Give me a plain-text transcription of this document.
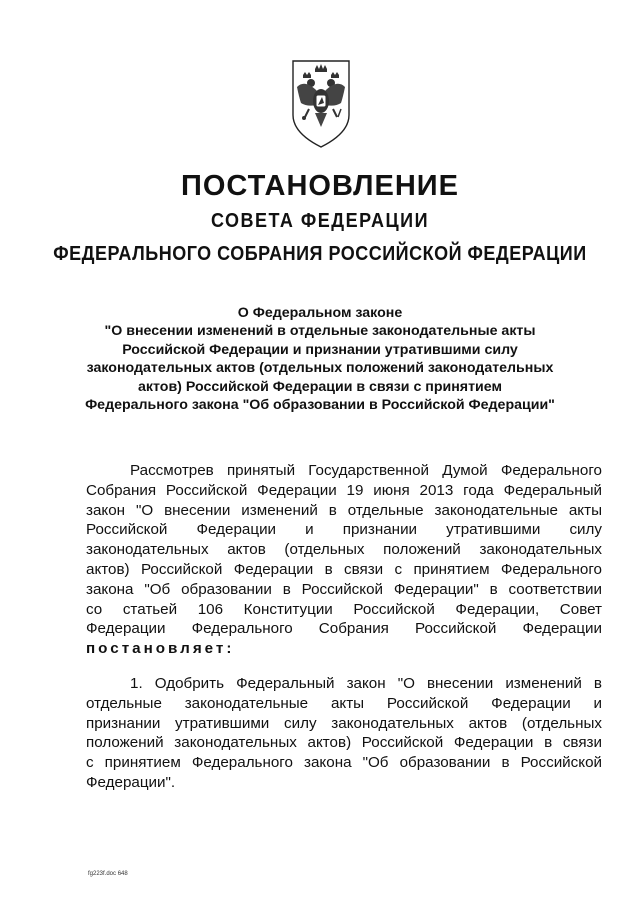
ПОСТАНОВЛЕНИЕ
СОВЕТА ФЕДЕРАЦИИ
ФЕДЕРАЛЬНОГО СОБРАНИЯ РОССИЙСКОЙ ФЕДЕРАЦИИ
О Федеральном законе
"О внесении изменений в отдельные законодательные акты
Российской Федерации и признании утратившими силу
законодательных актов (отдельных положений законодательных
актов) Российской Федерации в связи с принятием
Федерального закона "Об образовании в Российской Федерации"
Рассмотрев принятый Государственной Думой Федерального
Собрания Российской Федерации 19 июня 2013 года Федеральный
закон "О внесении изменений в отдельные законодательные акты
Российской Федерации и признании утратившими силу
законодательных актов (отдельных положений законодательных
актов) Российской Федерации в связи с принятием Федерального
закона "Об образовании в Российской Федерации" в соответствии
со статьей 106 Конституции Российской Федерации, Совет
Федерации Федерального Собрания Российской Федерации
постановляет:
1. Одобрить Федеральный закон "О внесении изменений в
отдельные законодательные акты Российской Федерации и
признании утратившими силу законодательных актов (отдельных
положений законодательных актов) Российской Федерации в связи
с принятием Федерального закона "Об образовании в Российской
Федерации".
fg223f.doc 648
